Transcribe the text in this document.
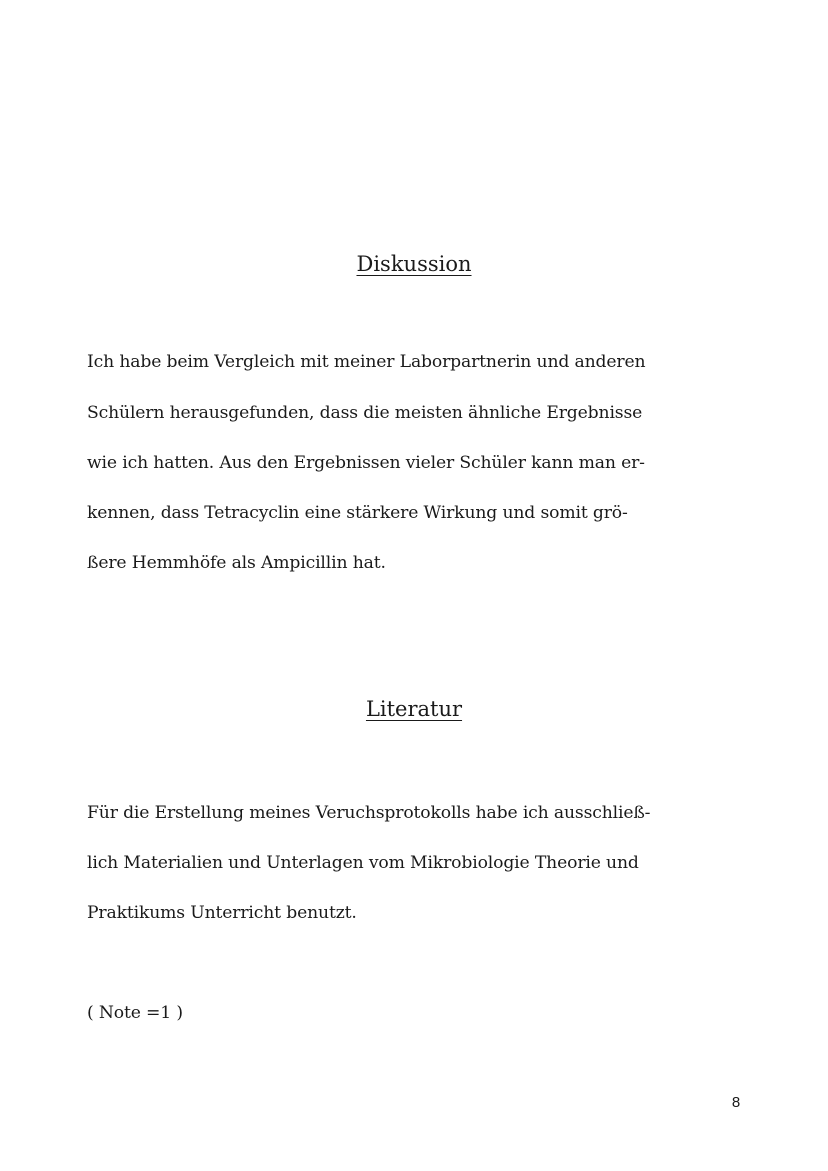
Diskussion

Ich habe beim Vergleich mit meiner Laborpartnerin und anderen

Schülern herausgefunden, dass die meisten ähnliche Ergebnisse

wie ich hatten. Aus den Ergebnissen vieler Schüler kann man er-

kennen, dass Tetracyclin eine stärkere Wirkung und somit grö-

ßere Hemmhöfe als Ampicillin hat.

Literatur

Für die Erstellung meines Veruchsprotokolls habe ich ausschließ-

lich Materialien und Unterlagen vom Mikrobiologie Theorie und

Praktikums Unterricht benutzt.

( Note =1 )

8
